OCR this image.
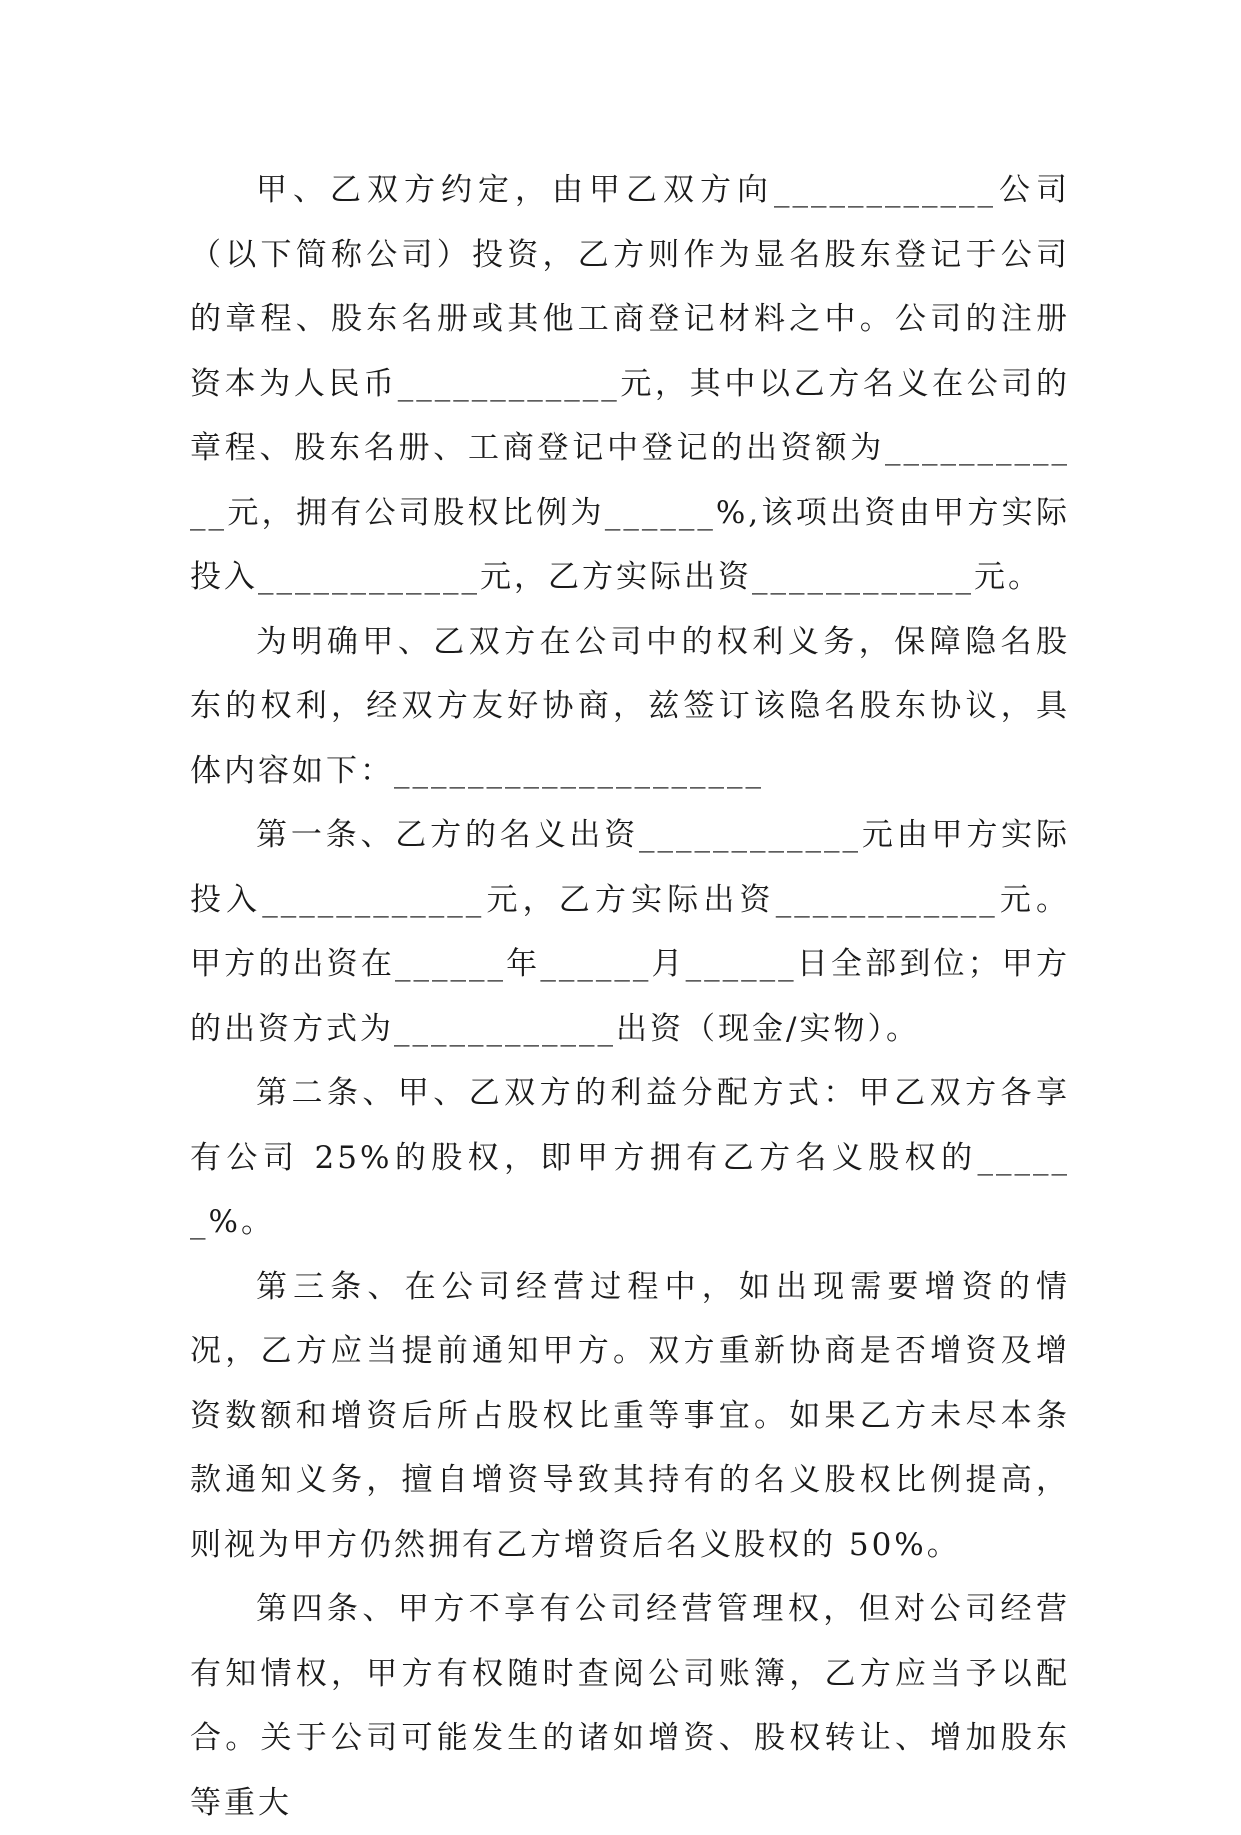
甲、乙双方约定，由甲乙双方向____________公司（以下简称公司）投资，乙方则作为显名股东登记于公司的章程、股东名册或其他工商登记材料之中。公司的注册资本为人民币____________元，其中以乙方名义在公司的章程、股东名册、工商登记中登记的出资额为____________元，拥有公司股权比例为______%,该项出资由甲方实际投入____________元，乙方实际出资____________元。

为明确甲、乙双方在公司中的权利义务，保障隐名股东的权利，经双方友好协商，兹签订该隐名股东协议，具体内容如下：____________________

第一条、乙方的名义出资____________元由甲方实际投入____________元，乙方实际出资____________元。甲方的出资在______年______月______日全部到位；甲方的出资方式为____________出资（现金/实物）。

第二条、甲、乙双方的利益分配方式：甲乙双方各享有公司 25%的股权，即甲方拥有乙方名义股权的______%。

第三条、在公司经营过程中，如出现需要增资的情况，乙方应当提前通知甲方。双方重新协商是否增资及增资数额和增资后所占股权比重等事宜。如果乙方未尽本条款通知义务，擅自增资导致其持有的名义股权比例提高，则视为甲方仍然拥有乙方增资后名义股权的 50%。

第四条、甲方不享有公司经营管理权，但对公司经营有知情权，甲方有权随时查阅公司账簿，乙方应当予以配合。关于公司可能发生的诸如增资、股权转让、增加股东等重大
